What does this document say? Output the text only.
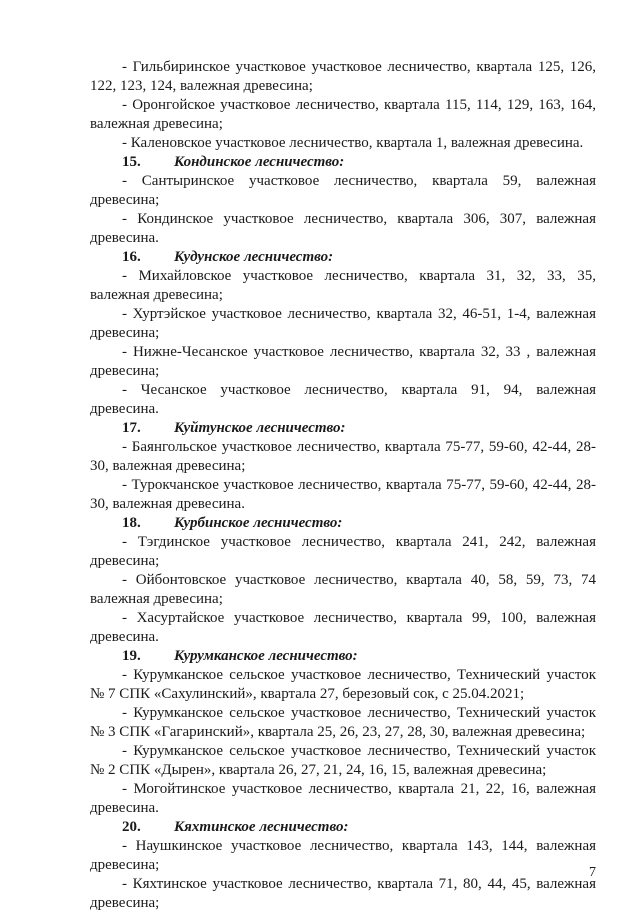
- Гильбиринское участковое участковое лесничество, квартала 125, 126, 122, 123, 124, валежная древесина;

- Оронгойское участковое лесничество, квартала 115, 114, 129, 163, 164, валежная древесина;

- Каленовское участковое лесничество, квартала 1, валежная древесина.

15. Кондинское лесничество:

- Сантыринское участковое лесничество, квартала 59, валежная древесина;

- Кондинское участковое лесничество, квартала 306, 307, валежная древесина.

16. Кудунское лесничество:

- Михайловское участковое лесничество, квартала 31, 32, 33, 35, валежная древесина;

- Хуртэйское участковое лесничество, квартала 32, 46-51, 1-4, валежная древесина;

- Нижне-Чесанское участковое лесничество, квартала 32, 33 , валежная древесина;

- Чесанское участковое лесничество, квартала 91, 94, валежная древесина.

17. Куйтунское лесничество:

- Баянгольское участковое лесничество, квартала 75-77, 59-60, 42-44, 28-30, валежная древесина;

- Турокчанское участковое лесничество, квартала 75-77, 59-60, 42-44, 28-30, валежная древесина.

18. Курбинское лесничество:

- Тэгдинское участковое лесничество, квартала 241, 242, валежная древесина;

- Ойбонтовское участковое лесничество, квартала 40, 58, 59, 73, 74 валежная древесина;

- Хасуртайское участковое лесничество, квартала 99, 100, валежная древесина.

19. Курумканское лесничество:

- Курумканское сельское участковое лесничество, Технический участок № 7 СПК «Сахулинский», квартала 27, березовый сок, с 25.04.2021;

- Курумканское сельское участковое лесничество, Технический участок № 3 СПК «Гагаринский», квартала 25, 26, 23, 27, 28, 30, валежная древесина;

- Курумканское сельское участковое лесничество, Технический участок № 2 СПК «Дырен», квартала 26, 27, 21, 24, 16, 15, валежная древесина;

- Могойтинское участковое лесничество, квартала 21, 22, 16, валежная древесина.

20. Кяхтинское лесничество:

- Наушкинское участковое лесничество, квартала 143, 144, валежная древесина;

- Кяхтинское участковое лесничество, квартала 71, 80, 44, 45, валежная древесина;

7
